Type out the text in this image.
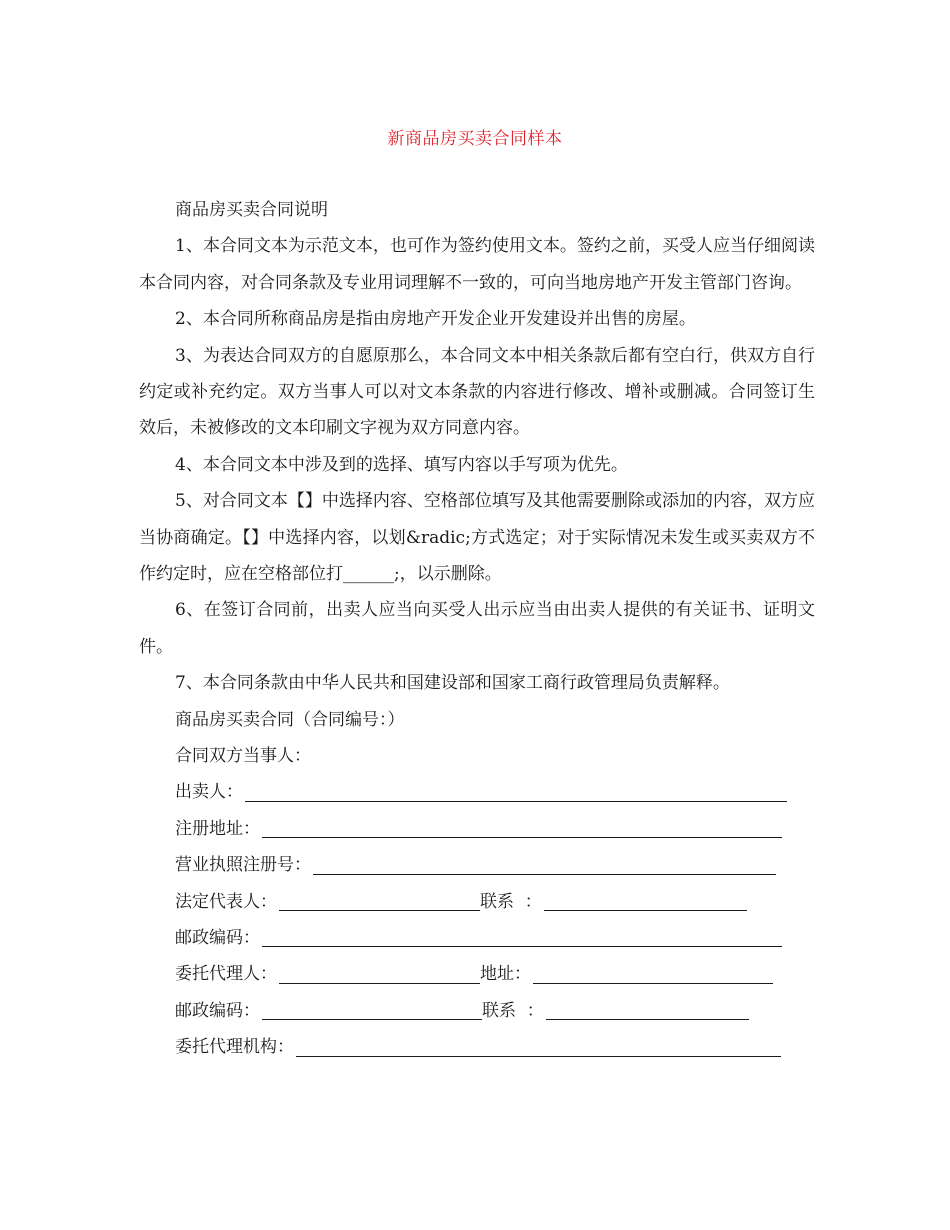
新商品房买卖合同样本

商品房买卖合同说明

1、本合同文本为示范文本，也可作为签约使用文本。签约之前，买受人应当仔细阅读本合同内容，对合同条款及专业用词理解不一致的，可向当地房地产开发主管部门咨询。

2、本合同所称商品房是指由房地产开发企业开发建设并出售的房屋。

3、为表达合同双方的自愿原那么，本合同文本中相关条款后都有空白行，供双方自行约定或补充约定。双方当事人可以对文本条款的内容进行修改、增补或删减。合同签订生效后，未被修改的文本印刷文字视为双方同意内容。

4、本合同文本中涉及到的选择、填写内容以手写项为优先。

5、对合同文本【】中选择内容、空格部位填写及其他需要删除或添加的内容，双方应当协商确定。【】中选择内容，以划&radic;方式选定；对于实际情况未发生或买卖双方不作约定时，应在空格部位打______;，以示删除。

6、在签订合同前，出卖人应当向买受人出示应当由出卖人提供的有关证书、证明文件。

7、本合同条款由中华人民共和国建设部和国家工商行政管理局负责解释。

商品房买卖合同（合同编号：）

合同双方当事人：

出卖人：
注册地址：
营业执照注册号：
法定代表人：	联系  ：
邮政编码：
委托代理人：	地址：
邮政编码：	联系  ：
委托代理机构：
